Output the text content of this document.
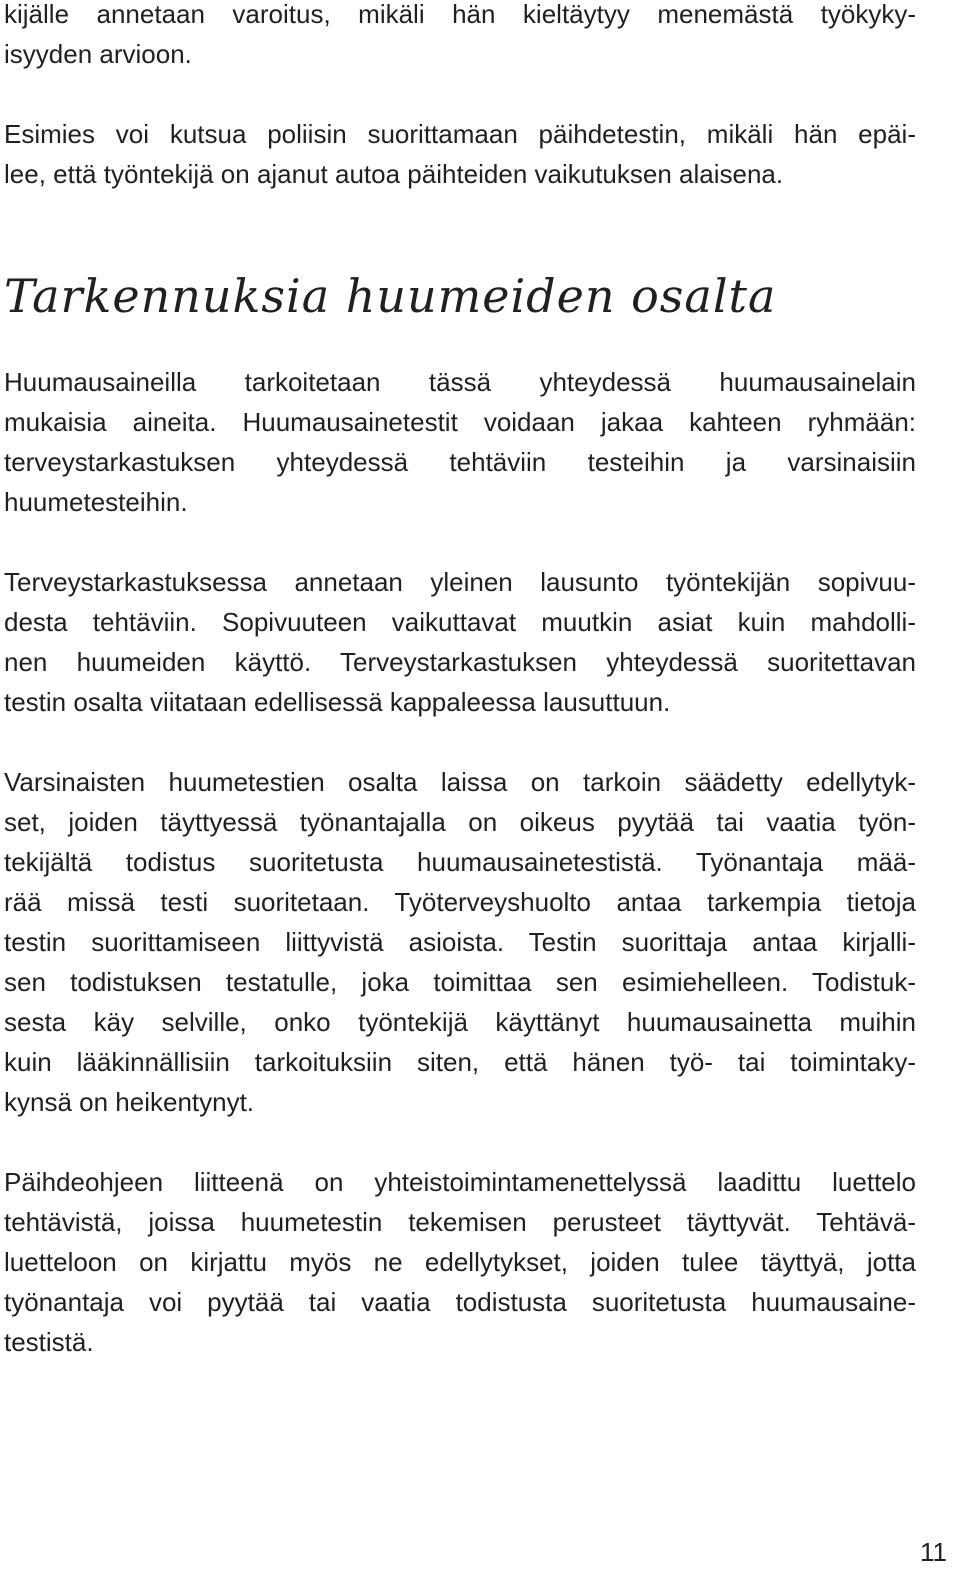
kijälle annetaan varoitus, mikäli hän kieltäytyy menemästä työkyky-
isyyden arvioon.
Esimies voi kutsua poliisin suorittamaan päihdetestin, mikäli hän epäi-
lee, että työntekijä on ajanut autoa päihteiden vaikutuksen alaisena.
Tarkennuksia huumeiden osalta
Huumausaineilla tarkoitetaan tässä yhteydessä huumausainelain
mukaisia aineita. Huumausainetestit voidaan jakaa kahteen ryhmään:
terveystarkastuksen yhteydessä tehtäviin testeihin ja varsinaisiin
huumetesteihin.
Terveystarkastuksessa annetaan yleinen lausunto työntekijän sopivuu-
desta tehtäviin. Sopivuuteen vaikuttavat muutkin asiat kuin mahdolli-
nen huumeiden käyttö. Terveystarkastuksen yhteydessä suoritettavan
testin osalta viitataan edellisessä kappaleessa lausuttuun.
Varsinaisten huumetestien osalta laissa on tarkoin säädetty edellytyk-
set, joiden täyttyessä työnantajalla on oikeus pyytää tai vaatia työn-
tekijältä todistus suoritetusta huumausainetestistä. Työnantaja mää-
rää missä testi suoritetaan. Työterveyshuolto antaa tarkempia tietoja
testin suorittamiseen liittyvistä asioista. Testin suorittaja antaa kirjalli-
sen todistuksen testatulle, joka toimittaa sen esimiehelleen. Todistuk-
sesta käy selville, onko työntekijä käyttänyt huumausainetta muihin
kuin lääkinnällisiin tarkoituksiin siten, että hänen työ- tai toimintaky-
kynsä on heikentynyt.
Päihdeohjeen liitteenä on yhteistoimintamenettelyssä laadittu luettelo
tehtävistä, joissa huumetestin tekemisen perusteet täyttyvät. Tehtävä-
luetteloon on kirjattu myös ne edellytykset, joiden tulee täyttyä, jotta
työnantaja voi pyytää tai vaatia todistusta suoritetusta huumausaine-
testistä.
11
